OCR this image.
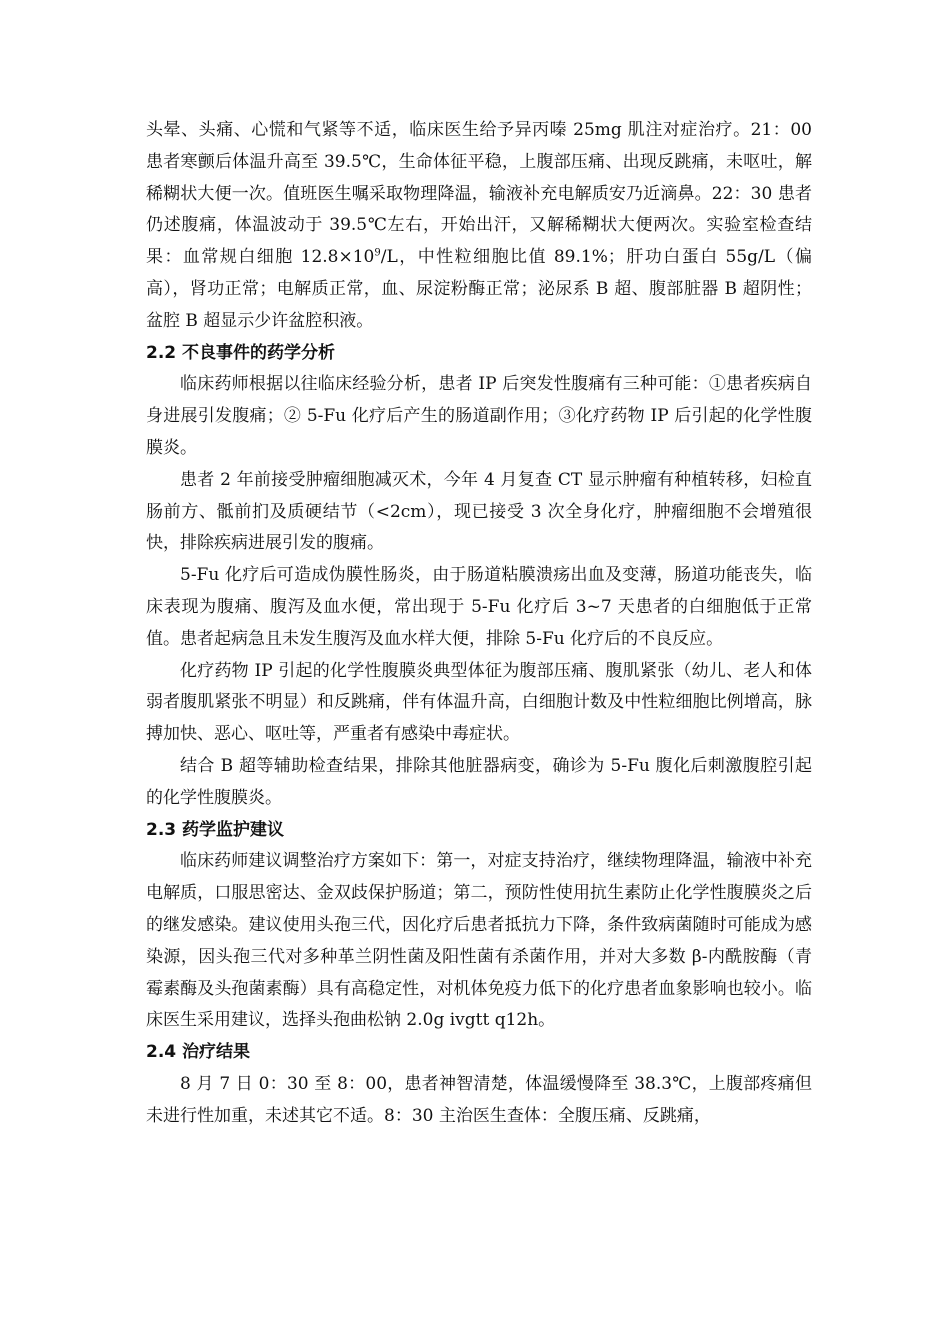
头晕、头痛、心慌和气紧等不适，临床医生给予异丙嗪 25mg 肌注对症治疗。21：00 患者寒颤后体温升高至 39.5℃，生命体征平稳，上腹部压痛、出现反跳痛，未呕吐，解稀糊状大便一次。值班医生嘱采取物理降温，输液补充电解质安乃近滴鼻。22：30 患者仍述腹痛，体温波动于 39.5℃左右，开始出汗，又解稀糊状大便两次。实验室检查结果：血常规白细胞 $12.8\times 10^9/L$，中性粒细胞比值 89.1%；肝功白蛋白 55g/L（偏高），肾功正常；电解质正常，血、尿淀粉酶正常；泌尿系 B 超、腹部脏器 B 超阴性；盆腔 B 超显示少许盆腔积液。

2.2 不良事件的药学分析

临床药师根据以往临床经验分析，患者 IP 后突发性腹痛有三种可能：①患者疾病自身进展引发腹痛；② 5-Fu 化疗后产生的肠道副作用；③化疗药物 IP 后引起的化学性腹膜炎。

患者 2 年前接受肿瘤细胞减灭术，今年 4 月复查 CT 显示肿瘤有种植转移，妇检直肠前方、骶前扪及质硬结节（<2cm），现已接受 3 次全身化疗，肿瘤细胞不会增殖很快，排除疾病进展引发的腹痛。

5-Fu 化疗后可造成伪膜性肠炎，由于肠道粘膜溃疡出血及变薄，肠道功能丧失，临床表现为腹痛、腹泻及血水便，常出现于 5-Fu 化疗后 3~7 天患者的白细胞低于正常值。患者起病急且未发生腹泻及血水样大便，排除 5-Fu 化疗后的不良反应。

化疗药物 IP 引起的化学性腹膜炎典型体征为腹部压痛、腹肌紧张（幼儿、老人和体弱者腹肌紧张不明显）和反跳痛，伴有体温升高，白细胞计数及中性粒细胞比例增高，脉搏加快、恶心、呕吐等，严重者有感染中毒症状。

结合 B 超等辅助检查结果，排除其他脏器病变，确诊为 5-Fu 腹化后刺激腹腔引起的化学性腹膜炎。

2.3 药学监护建议

临床药师建议调整治疗方案如下：第一，对症支持治疗，继续物理降温，输液中补充电解质，口服思密达、金双歧保护肠道；第二，预防性使用抗生素防止化学性腹膜炎之后的继发感染。建议使用头孢三代，因化疗后患者抵抗力下降，条件致病菌随时可能成为感染源，因头孢三代对多种革兰阴性菌及阳性菌有杀菌作用，并对大多数 β-内酰胺酶（青霉素酶及头孢菌素酶）具有高稳定性，对机体免疫力低下的化疗患者血象影响也较小。临床医生采用建议，选择头孢曲松钠 2.0g ivgtt q12h。

2.4 治疗结果

8 月 7 日 0：30 至 8：00，患者神智清楚，体温缓慢降至 38.3℃，上腹部疼痛但未进行性加重，未述其它不适。8：30 主治医生查体：全腹压痛、反跳痛，
